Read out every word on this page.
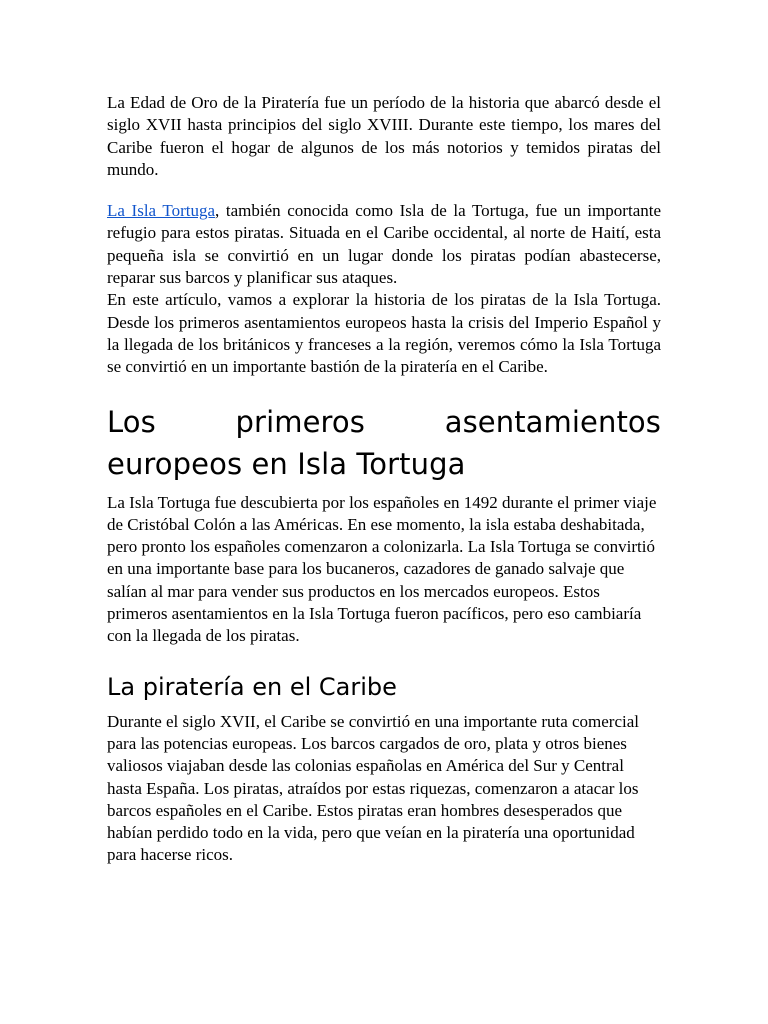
La Edad de Oro de la Piratería fue un período de la historia que abarcó desde el siglo XVII hasta principios del siglo XVIII. Durante este tiempo, los mares del Caribe fueron el hogar de algunos de los más notorios y temidos piratas del mundo.

La Isla Tortuga, también conocida como Isla de la Tortuga, fue un importante refugio para estos piratas. Situada en el Caribe occidental, al norte de Haití, esta pequeña isla se convirtió en un lugar donde los piratas podían abastecerse, reparar sus barcos y planificar sus ataques.

En este artículo, vamos a explorar la historia de los piratas de la Isla Tortuga. Desde los primeros asentamientos europeos hasta la crisis del Imperio Español y la llegada de los británicos y franceses a la región, veremos cómo la Isla Tortuga se convirtió en un importante bastión de la piratería en el Caribe.

Los primeros asentamientos europeos en Isla Tortuga

La Isla Tortuga fue descubierta por los españoles en 1492 durante el primer viaje de Cristóbal Colón a las Américas. En ese momento, la isla estaba deshabitada, pero pronto los españoles comenzaron a colonizarla. La Isla Tortuga se convirtió en una importante base para los bucaneros, cazadores de ganado salvaje que salían al mar para vender sus productos en los mercados europeos. Estos primeros asentamientos en la Isla Tortuga fueron pacíficos, pero eso cambiaría con la llegada de los piratas.

La piratería en el Caribe

Durante el siglo XVII, el Caribe se convirtió en una importante ruta comercial para las potencias europeas. Los barcos cargados de oro, plata y otros bienes valiosos viajaban desde las colonias españolas en América del Sur y Central hasta España. Los piratas, atraídos por estas riquezas, comenzaron a atacar los barcos españoles en el Caribe. Estos piratas eran hombres desesperados que habían perdido todo en la vida, pero que veían en la piratería una oportunidad para hacerse ricos.
